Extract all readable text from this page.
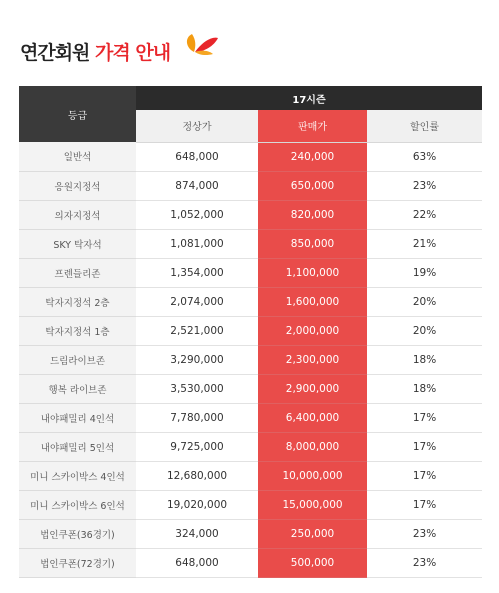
연간회원 가격 안내
등급	17시즌		
	정상가	판매가	할인률
일반석	648,000	240,000	63%
응원지정석	874,000	650,000	23%
의자지정석	1,052,000	820,000	22%
SKY 탁자석	1,081,000	850,000	21%
프렌들리존	1,354,000	1,100,000	19%
탁자지정석 2층	2,074,000	1,600,000	20%
탁자지정석 1층	2,521,000	2,000,000	20%
드림라이브존	3,290,000	2,300,000	18%
행복 라이브존	3,530,000	2,900,000	18%
내야패밀리 4인석	7,780,000	6,400,000	17%
내야패밀리 5인석	9,725,000	8,000,000	17%
미니 스카이박스 4인석	12,680,000	10,000,000	17%
미니 스카이박스 6인석	19,020,000	15,000,000	17%
법인쿠폰(36경기)	324,000	250,000	23%
법인쿠폰(72경기)	648,000	500,000	23%
